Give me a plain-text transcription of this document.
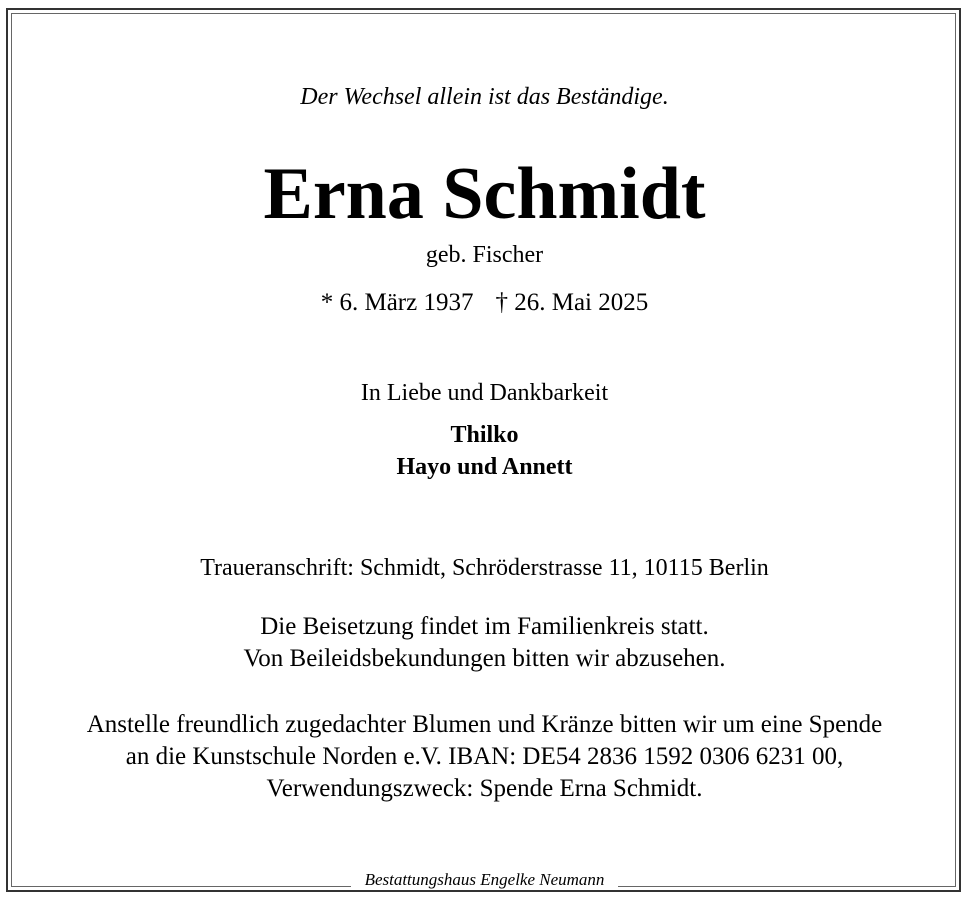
Der Wechsel allein ist das Beständige.
Erna Schmidt
geb. Fischer
* 6. März 1937 † 26. Mai 2025
In Liebe und Dankbarkeit
Thilko
Hayo und Annett
Traueranschrift: Schmidt, Schröderstrasse 11, 10115 Berlin
Die Beisetzung findet im Familienkreis statt.
Von Beileidsbekundungen bitten wir abzusehen.
Anstelle freundlich zugedachter Blumen und Kränze bitten wir um eine Spende
an die Kunstschule Norden e.V. IBAN: DE54 2836 1592 0306 6231 00,
Verwendungszweck: Spende Erna Schmidt.
Bestattungshaus Engelke Neumann
